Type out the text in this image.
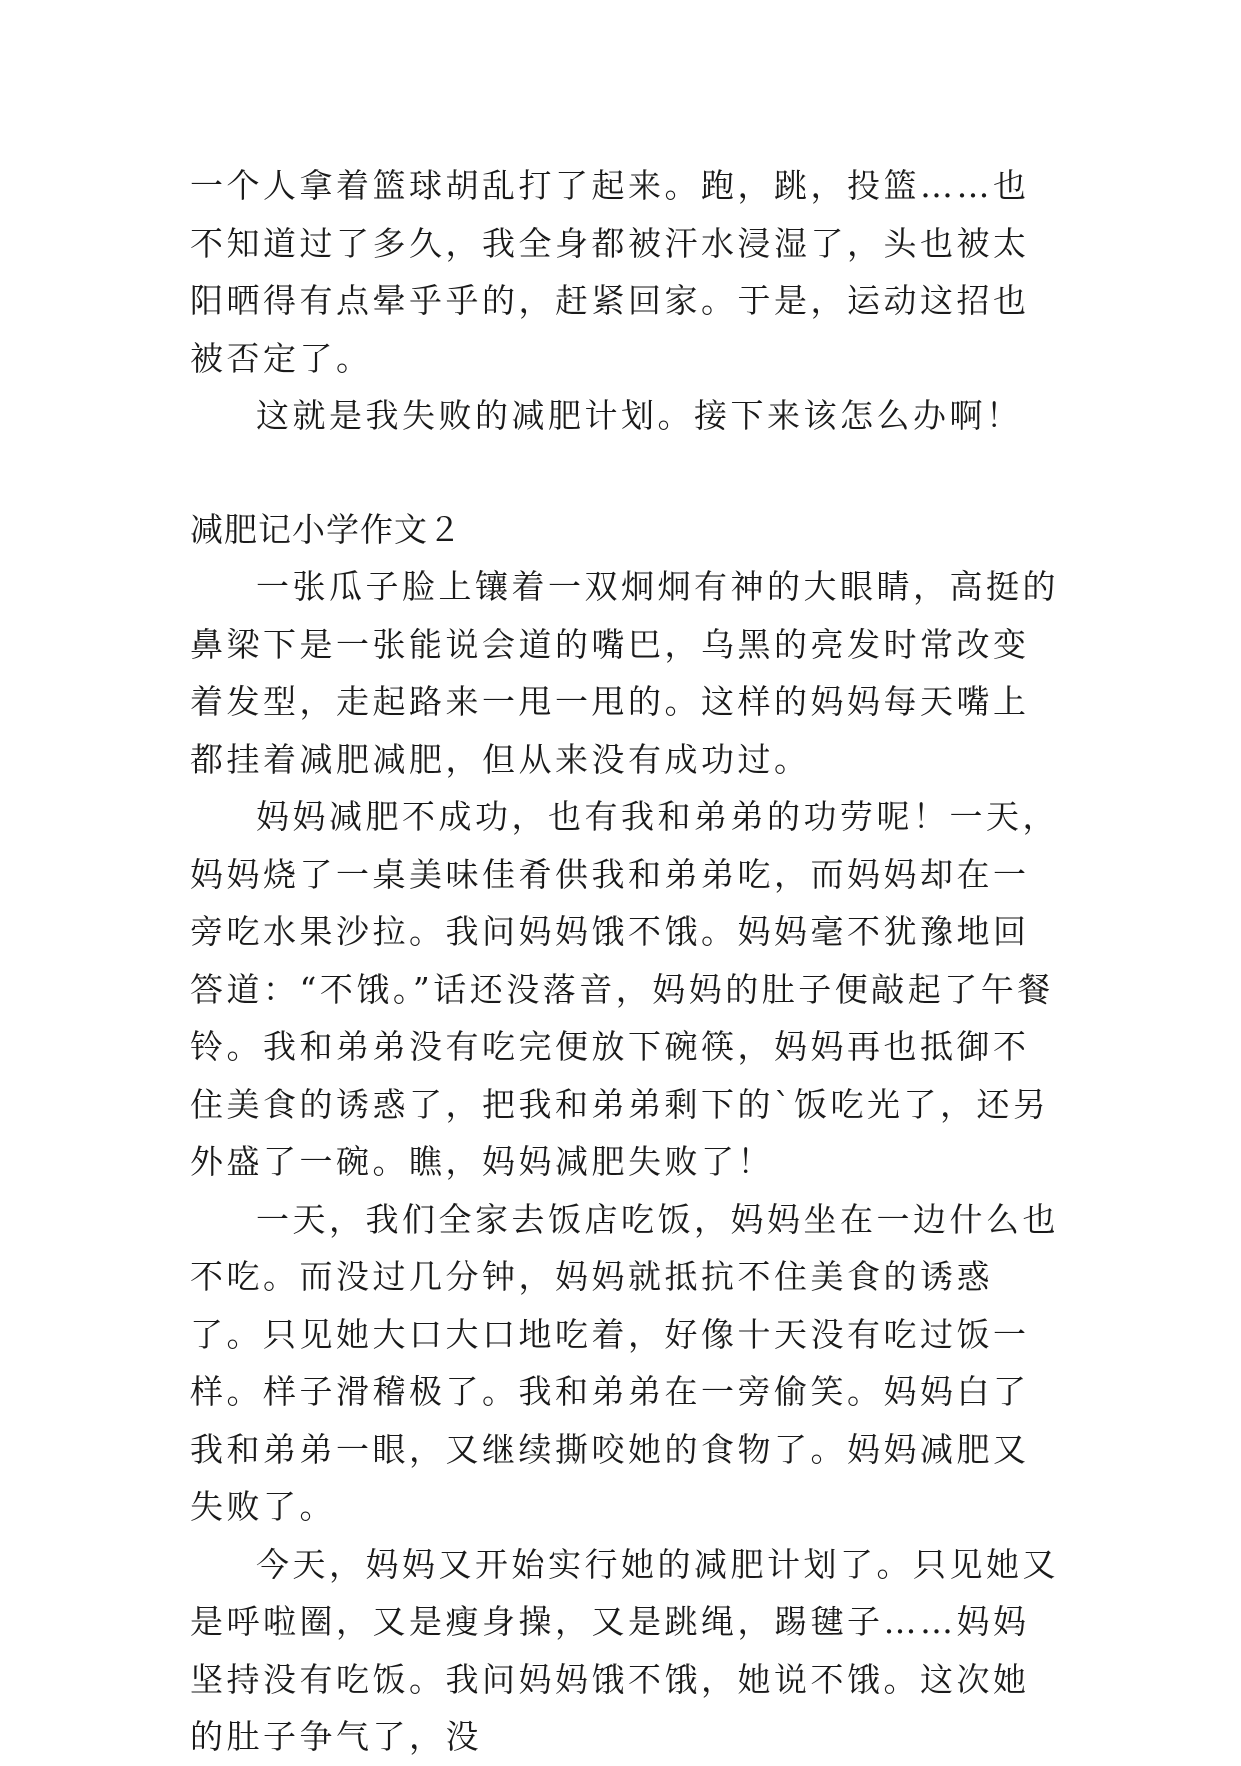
一个人拿着篮球胡乱打了起来。跑，跳，投篮……也不知道过了多久，我全身都被汗水浸湿了，头也被太阳晒得有点晕乎乎的，赶紧回家。于是，运动这招也被否定了。

这就是我失败的减肥计划。接下来该怎么办啊！

减肥记小学作文２

一张瓜子脸上镶着一双炯炯有神的大眼睛，高挺的鼻梁下是一张能说会道的嘴巴，乌黑的亮发时常改变着发型，走起路来一甩一甩的。这样的妈妈每天嘴上都挂着减肥减肥，但从来没有成功过。

妈妈减肥不成功，也有我和弟弟的功劳呢！一天，妈妈烧了一桌美味佳肴供我和弟弟吃，而妈妈却在一旁吃水果沙拉。我问妈妈饿不饿。妈妈毫不犹豫地回答道：“不饿。”话还没落音，妈妈的肚子便敲起了午餐铃。我和弟弟没有吃完便放下碗筷，妈妈再也抵御不住美食的诱惑了，把我和弟弟剩下的`饭吃光了，还另外盛了一碗。瞧，妈妈减肥失败了！

一天，我们全家去饭店吃饭，妈妈坐在一边什么也不吃。而没过几分钟，妈妈就抵抗不住美食的诱惑了。只见她大口大口地吃着，好像十天没有吃过饭一样。样子滑稽极了。我和弟弟在一旁偷笑。妈妈白了我和弟弟一眼，又继续撕咬她的食物了。妈妈减肥又失败了。

今天，妈妈又开始实行她的减肥计划了。只见她又是呼啦圈，又是瘦身操，又是跳绳，踢毽子……妈妈坚持没有吃饭。我问妈妈饿不饿，她说不饿。这次她的肚子争气了，没
